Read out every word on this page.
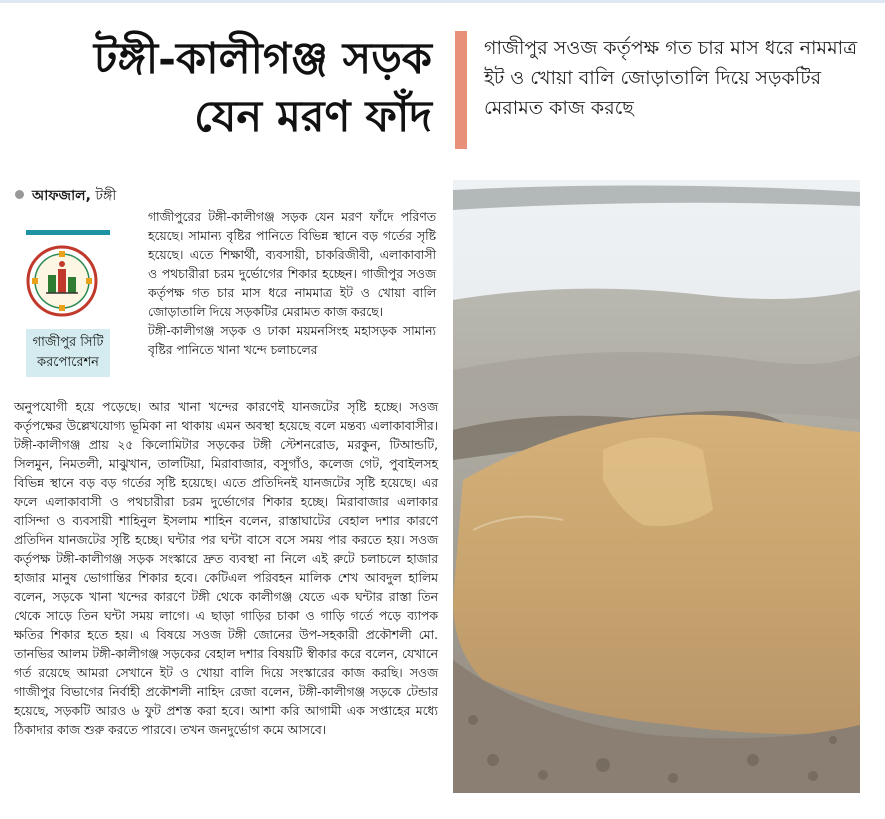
টঙ্গী-কালীগঞ্জ সড়ক
যেন মরণ ফাঁদ
গাজীপুর সওজ কর্তৃপক্ষ গত চার মাস ধরে নামমাত্র ইট ও খোয়া বালি জোড়াতালি দিয়ে সড়কটির মেরামত কাজ করছে
আফজাল, টঙ্গী
গাজীপুর সিটি
করপোরেশন

গাজীপুরের টঙ্গী-কালীগঞ্জ সড়ক যেন মরণ ফাঁদে পরিণত হয়েছে। সামান্য বৃষ্টির পানিতে বিভিন্ন স্থানে বড় গর্তের সৃষ্টি হয়েছে। এতে শিক্ষার্থী, ব্যবসায়ী, চাকরিজীবী, এলাকাবাসী ও পথচারীরা চরম দুর্ভোগের শিকার হচ্ছেন। গাজীপুর সওজ কর্তৃপক্ষ গত চার মাস ধরে নামমাত্র ইট ও খোয়া বালি জোড়াতালি দিয়ে সড়কটির মেরামত কাজ করছে।

টঙ্গী-কালীগঞ্জ সড়ক ও ঢাকা ময়মনসিংহ মহাসড়ক সামান্য বৃষ্টির পানিতে খানা খন্দে চলাচলের

অনুপযোগী হয়ে পড়েছে। আর খানা খন্দের কারণেই যানজটের সৃষ্টি হচ্ছে। সওজ কর্তৃপক্ষের উল্লেখযোগ্য ভূমিকা না থাকায় এমন অবস্থা হয়েছে বলে মন্তব্য এলাকাবাসীর। টঙ্গী-কালীগঞ্জ প্রায় ২৫ কিলোমিটার সড়কের টঙ্গী স্টেশনরোড, মরকুন, টিআন্ডটি, সিলমুন, নিমতলী, মাঝুখান, তালটিয়া, মিরাবাজার, বসুগাঁও, কলেজ গেট, পুবাইলসহ বিভিন্ন স্থানে বড় বড় গর্তের সৃষ্টি হয়েছে। এতে প্রতিদিনই যানজটের সৃষ্টি হয়েছে। এর ফলে এলাকাবাসী ও পথচারীরা চরম দুর্ভোগের শিকার হচ্ছে। মিরাবাজার এলাকার বাসিন্দা ও ব্যবসায়ী শাহিনুল ইসলাম শাহিন বলেন, রাস্তাঘাটের বেহাল দশার কারণে প্রতিদিন যানজটের সৃষ্টি হচ্ছে। ঘন্টার পর ঘন্টা বাসে বসে সময় পার করতে হয়। সওজ কর্তৃপক্ষ টঙ্গী-কালীগঞ্জ সড়ক সংস্কারে দ্রুত ব্যবস্থা না নিলে এই রুটে চলাচলে হাজার হাজার মানুষ ভোগান্তির শিকার হবে। কেটিএল পরিবহন মালিক শেখ আবদুল হালিম বলেন, সড়কে খানা খন্দের কারণে টঙ্গী থেকে কালীগঞ্জ যেতে এক ঘন্টার রাস্তা তিন থেকে সাড়ে তিন ঘন্টা সময় লাগে। এ ছাড়া গাড়ির চাকা ও গাড়ি গর্তে পড়ে ব্যাপক ক্ষতির শিকার হতে হয়। এ বিষয়ে সওজ টঙ্গী জোনের উপ-সহকারী প্রকৌশলী মো. তানভির আলম টঙ্গী-কালীগঞ্জ সড়কের বেহাল দশার বিষয়টি স্বীকার করে বলেন, যেখানে গর্ত রয়েছে আমরা সেখানে ইট ও খোয়া বালি দিয়ে সংস্কারের কাজ করছি। সওজ গাজীপুর বিভাগের নির্বাহী প্রকৌশলী নাহিদ রেজা বলেন, টঙ্গী-কালীগঞ্জ সড়কে টেন্ডার হয়েছে, সড়কটি আরও ৬ ফুট প্রশস্ত করা হবে। আশা করি আগামী এক সপ্তাহের মধ্যে ঠিকাদার কাজ শুরু করতে পারবে। তখন জনদুর্ভোগ কমে আসবে।
